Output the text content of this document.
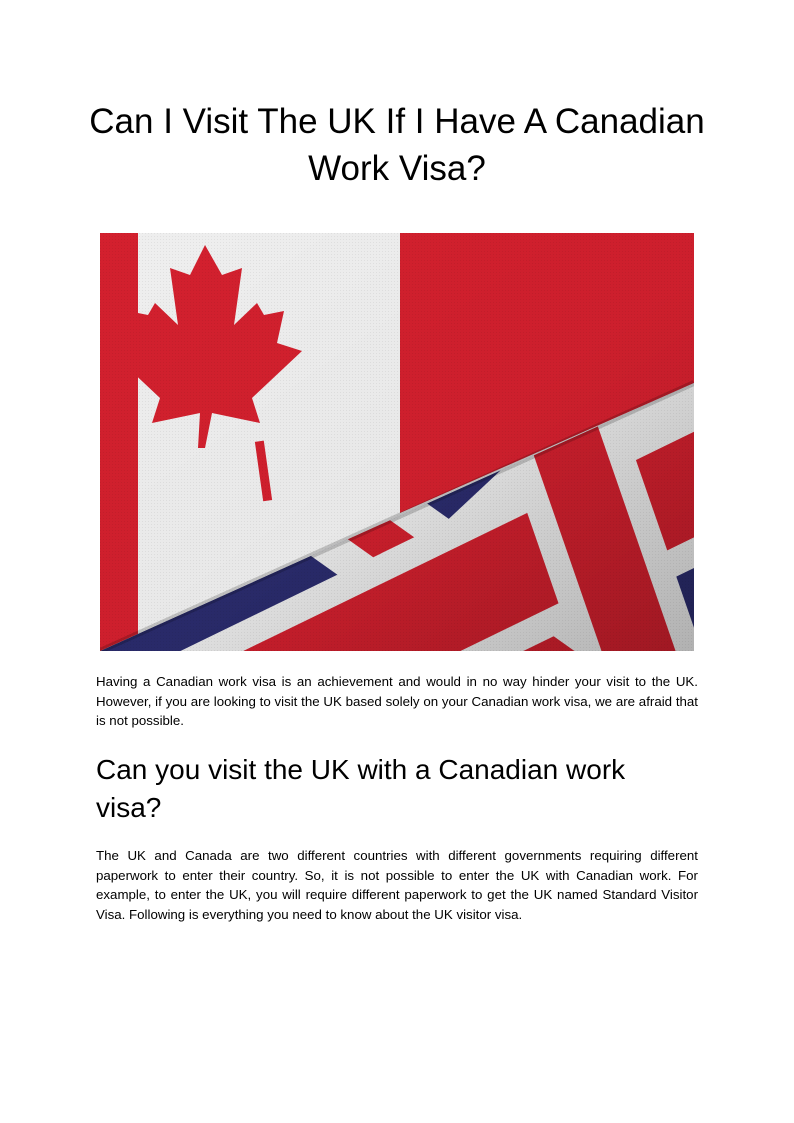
Can I Visit The UK If I Have A Canadian Work Visa?

Having a Canadian work visa is an achievement and would in no way hinder your visit to the UK. However, if you are looking to visit the UK based solely on your Canadian work visa, we are afraid that is not possible.

Can you visit the UK with a Canadian work visa?

The UK and Canada are two different countries with different governments requiring different paperwork to enter their country. So, it is not possible to enter the UK with Canadian work. For example, to enter the UK, you will require different paperwork to get the UK named Standard Visitor Visa. Following is everything you need to know about the UK visitor visa.
